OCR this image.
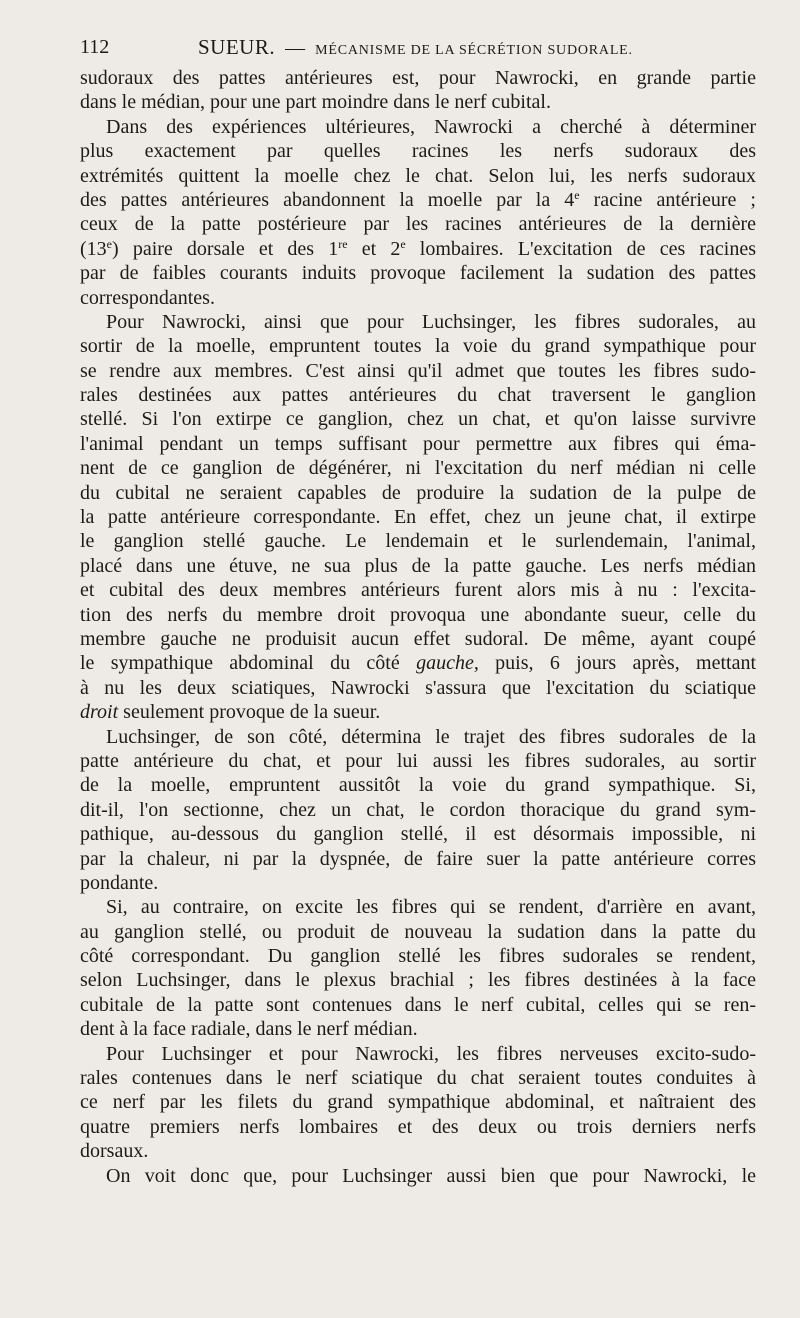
112	SUEUR. — MÉCANISME DE LA SÉCRÉTION SUDORALE.

sudoraux des pattes antérieures est, pour Nawrocki, en grande partie
dans le médian, pour une part moindre dans le nerf cubital.

Dans des expériences ultérieures, Nawrocki a cherché à déterminer
plus exactement par quelles racines les nerfs sudoraux des
extrémités quittent la moelle chez le chat. Selon lui, les nerfs sudoraux
des pattes antérieures abandonnent la moelle par la 4e racine antérieure ;
ceux de la patte postérieure par les racines antérieures de la dernière
(13e) paire dorsale et des 1re et 2e lombaires. L'excitation de ces racines
par de faibles courants induits provoque facilement la sudation des pattes
correspondantes.

Pour Nawrocki, ainsi que pour Luchsinger, les fibres sudorales, au
sortir de la moelle, empruntent toutes la voie du grand sympathique pour
se rendre aux membres. C'est ainsi qu'il admet que toutes les fibres sudo-
rales destinées aux pattes antérieures du chat traversent le ganglion
stellé. Si l'on extirpe ce ganglion, chez un chat, et qu'on laisse survivre
l'animal pendant un temps suffisant pour permettre aux fibres qui éma-
nent de ce ganglion de dégénérer, ni l'excitation du nerf médian ni celle
du cubital ne seraient capables de produire la sudation de la pulpe de
la patte antérieure correspondante. En effet, chez un jeune chat, il extirpe
le ganglion stellé gauche. Le lendemain et le surlendemain, l'animal,
placé dans une étuve, ne sua plus de la patte gauche. Les nerfs médian
et cubital des deux membres antérieurs furent alors mis à nu : l'excita-
tion des nerfs du membre droit provoqua une abondante sueur, celle du
membre gauche ne produisit aucun effet sudoral. De même, ayant coupé
le sympathique abdominal du côté gauche, puis, 6 jours après, mettant
à nu les deux sciatiques, Nawrocki s'assura que l'excitation du sciatique
droit seulement provoque de la sueur.

Luchsinger, de son côté, détermina le trajet des fibres sudorales de la
patte antérieure du chat, et pour lui aussi les fibres sudorales, au sortir
de la moelle, empruntent aussitôt la voie du grand sympathique. Si,
dit-il, l'on sectionne, chez un chat, le cordon thoracique du grand sym-
pathique, au-dessous du ganglion stellé, il est désormais impossible, ni
par la chaleur, ni par la dyspnée, de faire suer la patte antérieure corres
pondante.

Si, au contraire, on excite les fibres qui se rendent, d'arrière en avant,
au ganglion stellé, ou produit de nouveau la sudation dans la patte du
côté correspondant. Du ganglion stellé les fibres sudorales se rendent,
selon Luchsinger, dans le plexus brachial ; les fibres destinées à la face
cubitale de la patte sont contenues dans le nerf cubital, celles qui se ren-
dent à la face radiale, dans le nerf médian.

Pour Luchsinger et pour Nawrocki, les fibres nerveuses excito-sudo-
rales contenues dans le nerf sciatique du chat seraient toutes conduites à
ce nerf par les filets du grand sympathique abdominal, et naîtraient des
quatre premiers nerfs lombaires et des deux ou trois derniers nerfs
dorsaux.

On voit donc que, pour Luchsinger aussi bien que pour Nawrocki, le
